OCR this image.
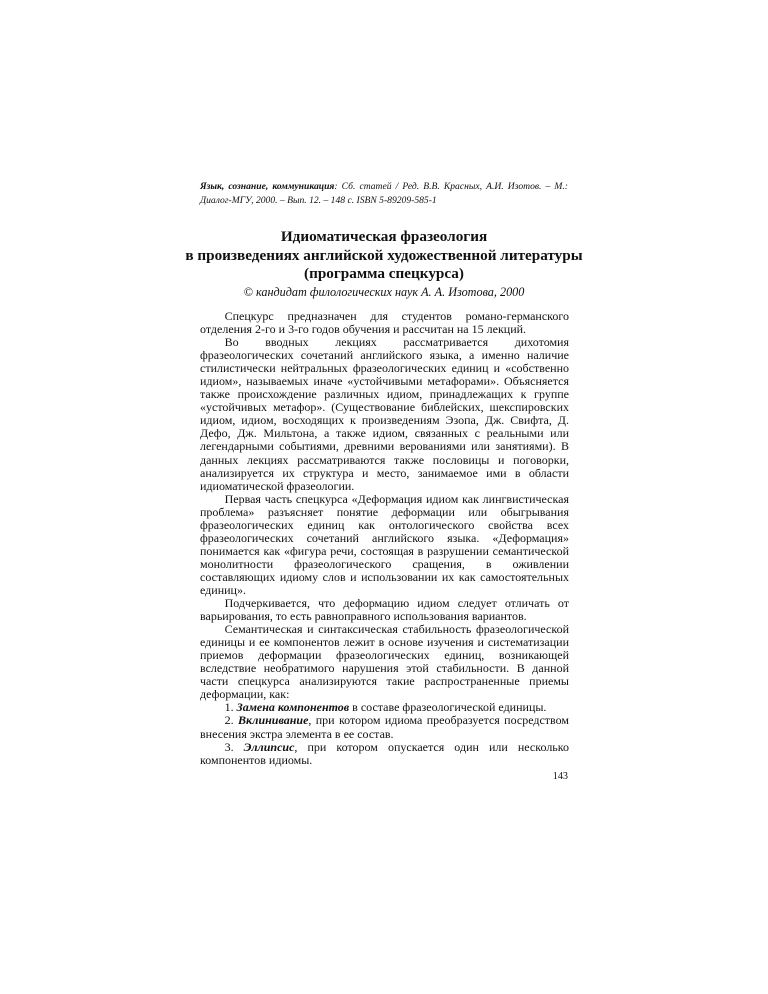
Язык, сознание, коммуникация: Сб. статей / Ред. В.В. Красных, А.И. Изотов. – М.: Диалог-МГУ, 2000. – Вып. 12. – 148 с. ISBN 5-89209-585-1
Идиоматическая фразеология
в произведениях английской художественной литературы
(программа спецкурса)
© кандидат филологических наук А. А. Изотова, 2000

Спецкурс предназначен для студентов романо-германского отделения 2-го и 3-го годов обучения и рассчитан на 15 лекций.

Во вводных лекциях рассматривается дихотомия фразеологических сочетаний английского языка, а именно наличие стилистически нейтральных фразеологических единиц и «собственно идиом», называемых иначе «устойчивыми метафорами». Объясняется также происхождение различных идиом, принадлежащих к группе «устойчивых метафор». (Существование библейских, шекспировских идиом, идиом, восходящих к произведениям Эзопа, Дж. Свифта, Д. Дефо, Дж. Мильтона, а также идиом, связанных с реальными или легендарными событиями, древними верованиями или занятиями). В данных лекциях рассматриваются также пословицы и поговорки, анализируется их структура и место, занимаемое ими в области идиоматической фразеологии.

Первая часть спецкурса «Деформация идиом как лингвистическая проблема» разъясняет понятие деформации или обыгрывания фразеологических единиц как онтологического свойства всех фразеологических сочетаний английского языка. «Деформация» понимается как «фигура речи, состоящая в разрушении семантической монолитности фразеологического сращения, в оживлении составляющих идиому слов и использовании их как самостоятельных единиц».

Подчеркивается, что деформацию идиом следует отличать от варьирования, то есть равноправного использования вариантов.

Семантическая и синтаксическая стабильность фразеологической единицы и ее компонентов лежит в основе изучения и систематизации приемов деформации фразеологических единиц, возникающей вследствие необратимого нарушения этой стабильности. В данной части спецкурса анализируются такие распространенные приемы деформации, как:

1. Замена компонентов в составе фразеологической единицы.

2. Вклинивание, при котором идиома преобразуется посредством внесения экстра элемента в ее состав.

3. Эллипсис, при котором опускается один или несколько компонентов идиомы.

143
